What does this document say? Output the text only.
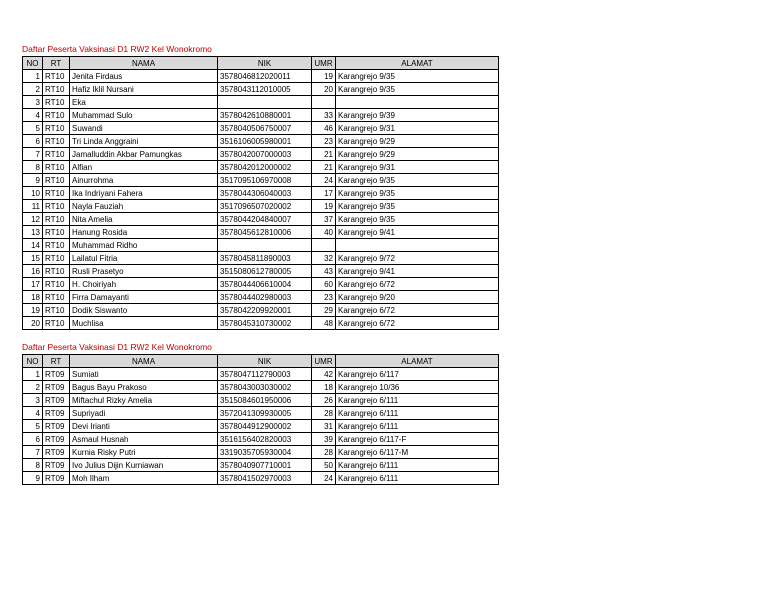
Daftar Peserta Vaksinasi D1 RW2 Kel Wonokromo
NO	RT	NAMA	NIK	UMR	ALAMAT
1	RT10	Jenita Firdaus	3578046812020011	19	Karangrejo 9/35
2	RT10	Hafiz Iklil Nursani	3578043112010005	20	Karangrejo 9/35
3	RT10	Eka			
4	RT10	Muhammad Sulo	3578042610880001	33	Karangrejo 9/39
5	RT10	Suwandi	3578040506750007	46	Karangrejo 9/31
6	RT10	Tri Linda Anggraini	3516106005980001	23	Karangrejo 9/29
7	RT10	Jamalluddin Akbar Pamungkas	3578042007000003	21	Karangrejo 9/29
8	RT10	Alfian	3578042012000002	21	Karangrejo 9/31
9	RT10	Ainurrohma	3517095106970008	24	Karangrejo 9/35
10	RT10	Ika Indriyani Fahera	3578044306040003	17	Karangrejo 9/35
11	RT10	Nayla Fauziah	3517096507020002	19	Karangrejo 9/35
12	RT10	Nita Amelia	3578044204840007	37	Karangrejo 9/35
13	RT10	Hanung Rosida	3578045612810006	40	Karangrejo 9/41
14	RT10	Muhammad Ridho			
15	RT10	Lailatul Fitria	3578045811890003	32	Karangrejo 9/72
16	RT10	Rusli Prasetyo	3515080612780005	43	Karangrejo 9/41
17	RT10	H. Choiriyah	3578044406610004	60	Karangrejo 6/72
18	RT10	Firra Damayanti	3578044402980003	23	Karangrejo 9/20
19	RT10	Dodik Siswanto	3578042209920001	29	Karangrejo 6/72
20	RT10	Muchlisa	3578045310730002	48	Karangrejo 6/72
Daftar Peserta Vaksinasi D1 RW2 Kel Wonokromo
NO	RT	NAMA	NIK	UMR	ALAMAT
1	RT09	Sumiati	3578047112790003	42	Karangrejo 6/117
2	RT09	Bagus Bayu Prakoso	3578043003030002	18	Karangrejo 10/36
3	RT09	Miftachul Rizky Amelia	3515084601950006	26	Karangrejo 6/111
4	RT09	Supriyadi	3572041309930005	28	Karangrejo 6/111
5	RT09	Devi Irianti	3578044912900002	31	Karangrejo 6/111
6	RT09	Asmaul Husnah	3516156402820003	39	Karangrejo 6/117-F
7	RT09	Kurnia Risky Putri	3319035705930004	28	Karangrejo 6/117-M
8	RT09	Ivo Julius Dijin Kurniawan	3578040907710001	50	Karangrejo 6/111
9	RT09	Moh Ilham	3578041502970003	24	Karangrejo 6/111
